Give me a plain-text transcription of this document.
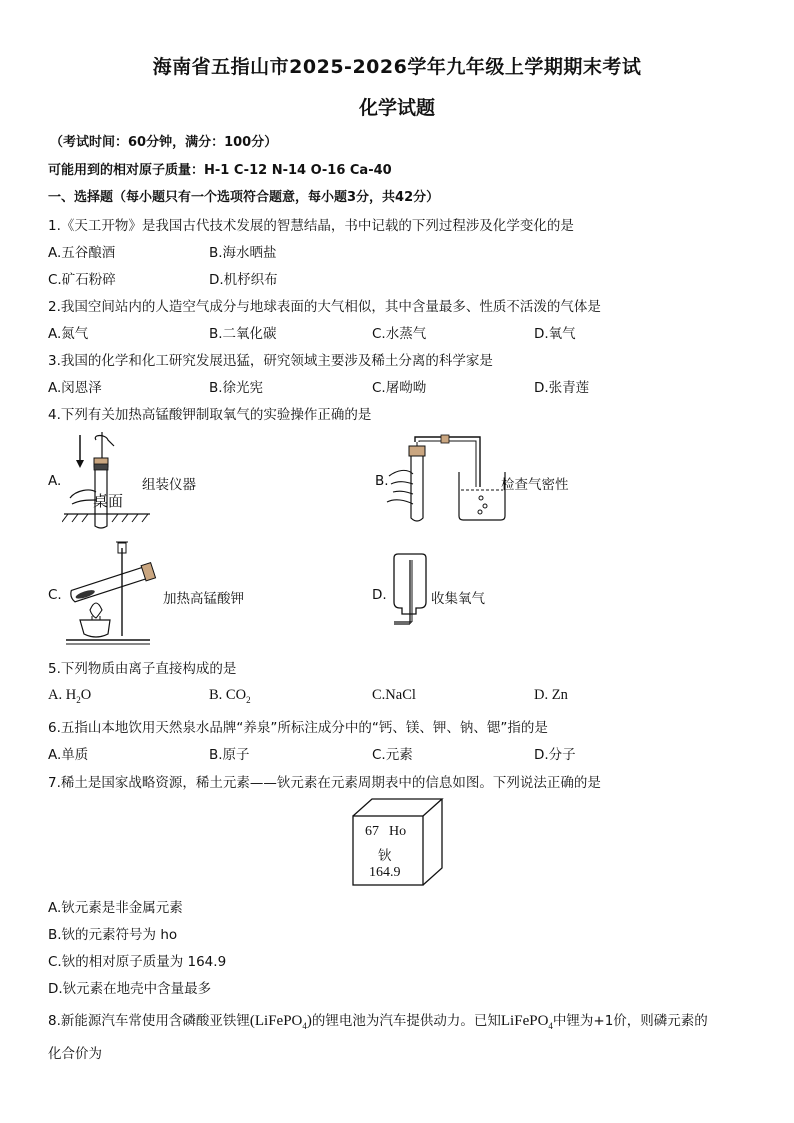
海南省五指山市2025-2026学年九年级上学期期末考试
化学试题
（考试时间：60分钟，满分：100分）
可能用到的相对原子质量：H-1 C-12 N-14 O-16 Ca-40
一、选择题（每小题只有一个选项符合题意，每小题3分，共42分）
1.《天工开物》是我国古代技术发展的智慧结晶，书中记载的下列过程涉及化学变化的是
A.五谷酿酒	B.海水晒盐
C.矿石粉碎	D.机杼织布
2.我国空间站内的人造空气成分与地球表面的大气相似，其中含量最多、性质不活泼的气体是
A.氮气	B.二氧化碳	C.水蒸气	D.氧气
3.我国的化学和化工研究发展迅猛，研究领域主要涉及稀土分离的科学家是
A.闵恩泽	B.徐光宪	C.屠呦呦	D.张青莲
4.下列有关加热高锰酸钾制取氧气的实验操作正确的是
A.
桌面
组装仪器	B.	检查气密性
C.	加热高锰酸钾	D.	收集氧气
5.下列物质由离子直接构成的是
A. $H_2O$	B. $CO_2$	C.NaCl	D. Zn
6.五指山本地饮用天然泉水品牌“养泉”所标注成分中的“钙、镁、钾、钠、锶”指的是
A.单质	B.原子	C.元素	D.分子
7.稀土是国家战略资源，稀土元素——钬元素在元素周期表中的信息如图。下列说法正确的是
67 Ho
钬
164.9
A.钬元素是非金属元素
B.钬的元素符号为 ho
C.钬的相对原子质量为 164.9
D.钬元素在地壳中含量最多
8.新能源汽车常使用含磷酸亚铁锂(LiFePO$_4$)的锂电池为汽车提供动力。已知LiFePO$_4$中锂为+1价，则磷元素的
化合价为
